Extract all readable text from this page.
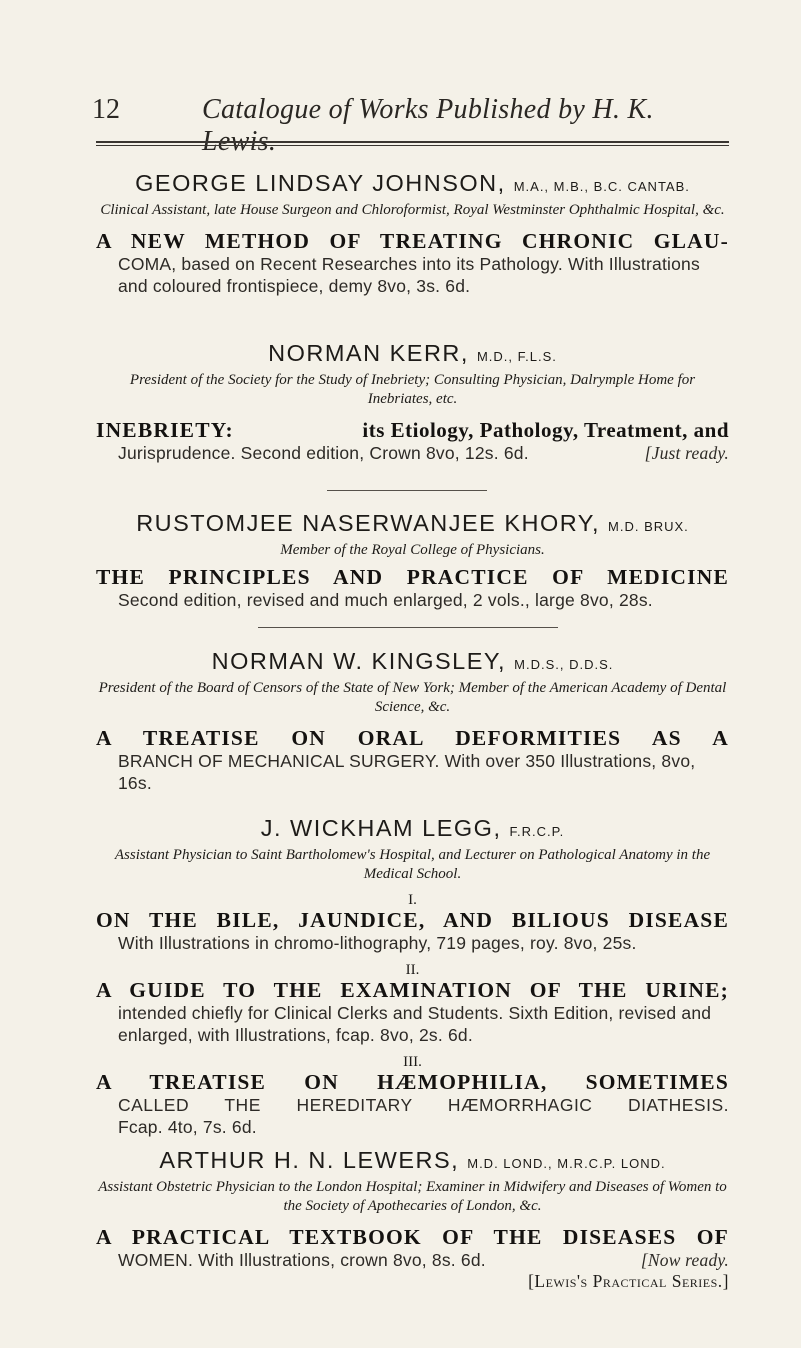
12	Catalogue of Works Published by H. K.
GEORGE LINDSAY JOHNSON, M.A., M.B., B.C. CANTAB.
Clinical Assistant, late House Surgeon and Chloroformist, Royal Westminster Ophthalmic Hospital, &c.
A NEW METHOD OF TREATING CHRONIC GLAU-
COMA, based on Recent Researches into its Pathology. With Illustrations and coloured frontispiece, demy 8vo, 3s. 6d.
NORMAN KERR, M.D., F.L.S.
President of the Society for the Study of Inebriety; Consulting Physician, Dalrymple Home for Inebriates, etc.
INEBRIETY:	its Etiology, Pathology, Treatment, and
Jurisprudence. Second edition, Crown 8vo, 12s. 6d.	[Just ready.
RUSTOMJEE NASERWANJEE KHORY, M.D. BRUX.
Member of the Royal College of Physicians.
THE PRINCIPLES AND PRACTICE OF MEDICINE
Second edition, revised and much enlarged, 2 vols., large 8vo, 28s.
NORMAN W. KINGSLEY, M.D.S., D.D.S.
President of the Board of Censors of the State of New York; Member of the American Academy of Dental Science, &c.
A TREATISE ON ORAL DEFORMITIES AS A
BRANCH OF MECHANICAL SURGERY. With over 350 Illustrations, 8vo, 16s.
J. WICKHAM LEGG, F.R.C.P.
Assistant Physician to Saint Bartholomew's Hospital, and Lecturer on Pathological Anatomy in the Medical School.
I.
ON THE BILE, JAUNDICE, AND BILIOUS DISEASE
With Illustrations in chromo-lithography, 719 pages, roy. 8vo, 25s.
II.
A GUIDE TO THE EXAMINATION OF THE URINE;
intended chiefly for Clinical Clerks and Students. Sixth Edition, revised and enlarged, with Illustrations, fcap. 8vo, 2s. 6d.
III.
A TREATISE ON HÆMOPHILIA, SOMETIMES
CALLED THE HEREDITARY HÆMORRHAGIC DIATHESIS.
Fcap. 4to, 7s. 6d.
ARTHUR H. N. LEWERS, M.D. LOND., M.R.C.P. LOND.
Assistant Obstetric Physician to the London Hospital; Examiner in Midwifery and Diseases of Women to the Society of Apothecaries of London, &c.
A PRACTICAL TEXTBOOK OF THE DISEASES OF
WOMEN. With Illustrations, crown 8vo, 8s. 6d.	[Now ready.
[Lewis's Practical Series.]
